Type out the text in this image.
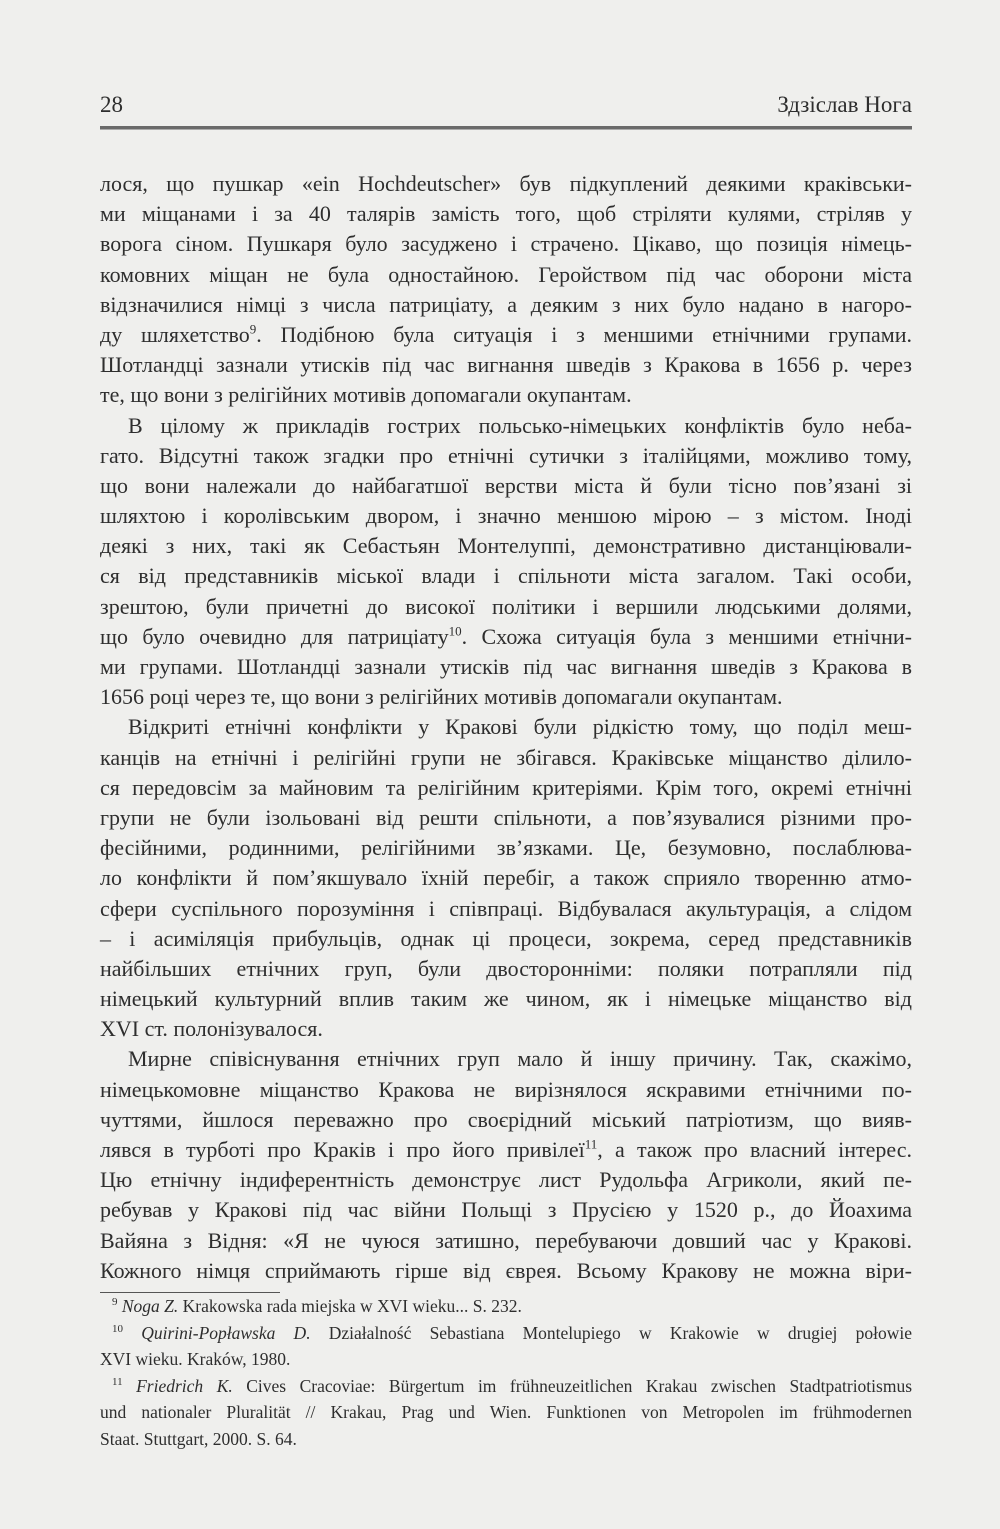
28	Здзіслав Нога
лося, що пушкар «ein Hochdeutscher» був підкуплений деякими краківськи-
ми міщанами і за 40 талярів замість того, щоб стріляти кулями, стріляв у
ворога сіном. Пушкаря було засуджено і страчено. Цікаво, що позиція німець-
комовних міщан не була одностайною. Геройством під час оборони міста
відзначилися німці з числа патриціату, а деяким з них було надано в нагоро-
ду шляхетство$^9$. Подібною була ситуація і з меншими етнічними групами.
Шотландці зазнали утисків під час вигнання шведів з Кракова в 1656 р. через
те, що вони з релігійних мотивів допомагали окупантам.
В цілому ж прикладів гострих польсько-німецьких конфліктів було неба-
гато. Відсутні також згадки про етнічні сутички з італійцями, можливо тому,
що вони належали до найбагатшої верстви міста й були тісно пов’язані зі
шляхтою і королівським двором, і значно меншою мірою – з містом. Іноді
деякі з них, такі як Себастьян Монтелуппі, демонстративно дистанціювали-
ся від представників міської влади і спільноти міста загалом. Такі особи,
зрештою, були причетні до високої політики і вершили людськими долями,
що було очевидно для патриціату$^{10}$. Схожа ситуація була з меншими етнічни-
ми групами. Шотландці зазнали утисків під час вигнання шведів з Кракова в
1656 році через те, що вони з релігійних мотивів допомагали окупантам.
Відкриті етнічні конфлікти у Кракові були рідкістю тому, що поділ меш-
канців на етнічні і релігійні групи не збігався. Краківське міщанство ділило-
ся передовсім за майновим та релігійним критеріями. Крім того, окремі етнічні
групи не були ізольовані від решти спільноти, а пов’язувалися різними про-
фесійними, родинними, релігійними зв’язками. Це, безумовно, послаблюва-
ло конфлікти й пом’якшувало їхній перебіг, а також сприяло творенню атмо-
сфери суспільного порозуміння і співпраці. Відбувалася акультурація, а слідом
– і асиміляція прибульців, однак ці процеси, зокрема, серед представників
найбільших етнічних груп, були двосторонніми: поляки потрапляли під
німецький культурний вплив таким же чином, як і німецьке міщанство від
XVI ст. полонізувалося.
Мирне співіснування етнічних груп мало й іншу причину. Так, скажімо,
німецькомовне міщанство Кракова не вирізнялося яскравими етнічними по-
чуттями, йшлося переважно про своєрідний міський патріотизм, що вияв-
лявся в турботі про Краків і про його привілеї$^{11}$, а також про власний інтерес.
Цю етнічну індиферентність демонструє лист Рудольфа Агриколи, який пе-
ребував у Кракові під час війни Польщі з Прусією у 1520 р., до Йоахима
Вайяна з Відня: «Я не чуюся затишно, перебуваючи довший час у Кракові.
Кожного німця сприймають гірше від єврея. Всьому Кракову не можна віри-
$^9$ Noga Z. Krakowska rada miejska w XVI wieku... S. 232.
$^{10}$ Quirini-Popławska D. Działalność Sebastiana Montelupiego w Krakowie w drugiej połowie
XVI wieku. Kraków, 1980.
$^{11}$ Friedrich K. Cives Cracoviae: Bürgertum im frühneuzeitlichen Krakau zwischen Stadtpatriotismus
und nationaler Pluralität // Krakau, Prag und Wien. Funktionen von Metropolen im frühmodernen
Staat. Stuttgart, 2000. S. 64.
